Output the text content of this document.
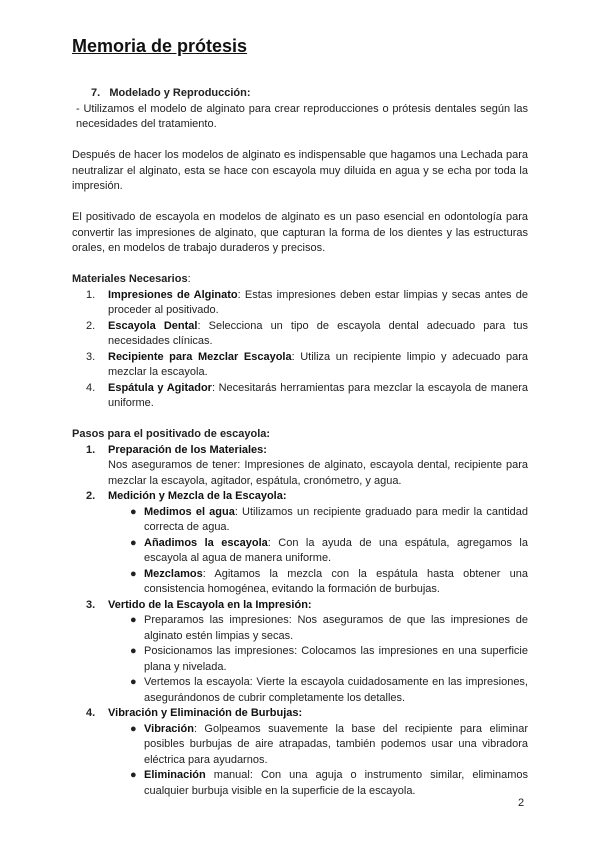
Memoria de prótesis

7. Modelado y Reproducción:

- Utilizamos el modelo de alginato para crear reproducciones o prótesis dentales según las necesidades del tratamiento.

Después de hacer los modelos de alginato es indispensable que hagamos una Lechada para neutralizar el alginato, esta se hace con escayola muy diluida en agua y se echa por toda la impresión.

El positivado de escayola en modelos de alginato es un paso esencial en odontología para convertir las impresiones de alginato, que capturan la forma de los dientes y las estructuras orales, en modelos de trabajo duraderos y precisos.

Materiales Necesarios:

1. Impresiones de Alginato: Estas impresiones deben estar limpias y secas antes de proceder al positivado.
2. Escayola Dental: Selecciona un tipo de escayola dental adecuado para tus necesidades clínicas.
3. Recipiente para Mezclar Escayola: Utiliza un recipiente limpio y adecuado para mezclar la escayola.
4. Espátula y Agitador: Necesitarás herramientas para mezclar la escayola de manera uniforme.

Pasos para el positivado de escayola:

1. Preparación de los Materiales:
Nos aseguramos de tener: Impresiones de alginato, escayola dental, recipiente para mezclar la escayola, agitador, espátula, cronómetro, y agua.
2. Medición y Mezcla de la Escayola:
● Medimos el agua: Utilizamos un recipiente graduado para medir la cantidad correcta de agua.
● Añadimos la escayola: Con la ayuda de una espátula, agregamos la escayola al agua de manera uniforme.
● Mezclamos: Agitamos la mezcla con la espátula hasta obtener una consistencia homogénea, evitando la formación de burbujas.
3. Vertido de la Escayola en la Impresión:
● Preparamos las impresiones: Nos aseguramos de que las impresiones de alginato estén limpias y secas.
● Posicionamos las impresiones: Colocamos las impresiones en una superficie plana y nivelada.
● Vertemos la escayola: Vierte la escayola cuidadosamente en las impresiones, asegurándonos de cubrir completamente los detalles.
4. Vibración y Eliminación de Burbujas:
● Vibración: Golpeamos suavemente la base del recipiente para eliminar posibles burbujas de aire atrapadas, también podemos usar una vibradora eléctrica para ayudarnos.
● Eliminación manual: Con una aguja o instrumento similar, eliminamos cualquier burbuja visible en la superficie de la escayola.
2
